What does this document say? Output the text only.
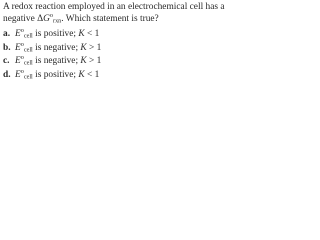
A redox reaction employed in an electrochemical cell has a
negative $\Delta G^o_{rxn}$. Which statement is true?
a. $E^o_{cell}$ is positive; K < 1
b. $E^o_{cell}$ is negative; K > 1
c. $E^o_{cell}$ is negative; K > 1
d. $E^o_{cell}$ is positive; K < 1
